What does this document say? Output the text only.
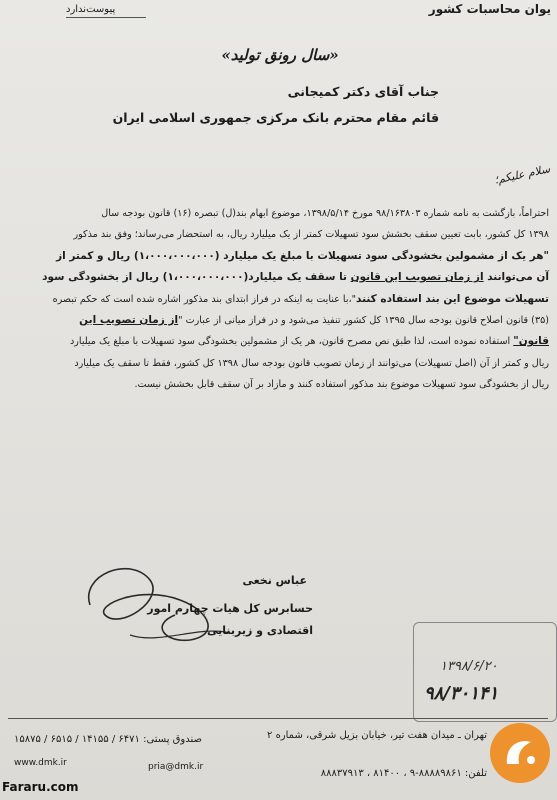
یوان محاسبات کشور
پیوست‌ندارد
«سال رونق تولید»
جناب آقای دکتر کمیجانی
قائم مقام محترم بانک مرکزی جمهوری اسلامی ایران
سلام علیکم؛
احتراماً، بازگشت به نامه شماره ۹۸/۱۶۳۸۰۳ مورخ ۱۳۹۸/۵/۱۴، موضوع ابهام بند(ل) تبصره (۱۶) قانون بودجه سال
۱۳۹۸ کل کشور، بابت تعیین سقف بخشش سود تسهیلات کمتر از یک میلیارد ریال، به استحضار می‌رساند؛ وفق بند مذکور
"هر یک از مشمولین بخشودگی سود تسهیلات با مبلغ یک میلیارد (۱،۰۰۰،۰۰۰،۰۰۰) ریال و کمتر از
آن می‌توانند از زمان تصویب این قانون تا سقف یک میلیارد(۱،۰۰۰،۰۰۰،۰۰۰) ریال از بخشودگی سود
تسهیلات موضوع این بند استفاده کنند"،با عنایت به اینکه در فراز ابتدای بند مذکور اشاره شده است که حکم تبصره
(۳۵) قانون اصلاح قانون بودجه سال ۱۳۹۵ کل کشور تنفیذ می‌شود و در فراز میانی از عبارت "از زمان تصویب این
قانون" استفاده نموده است، لذا طبق نص مصرح قانون، هر یک از مشمولین بخشودگی سود تسهیلات با مبلغ یک میلیارد
ریال و کمتر از آن (اصل تسهیلات) می‌توانند از زمان تصویب قانون بودجه سال ۱۳۹۸ کل کشور، فقط تا سقف یک میلیارد
ریال از بخشودگی سود تسهیلات موضوع بند مذکور استفاده کنند و مازاد بر آن سقف قابل بخشش نیست.
عباس نخعی
حسابرس کل هیات چهارم امور اقتصادی و زیربنایی
۱۳۹۸/۶/۲۰
۹۸/۳۰۱۴۱
صندوق پستی: ۶۴۷۱ / ۱۴۱۵۵ / ۶۵۱۵ / ۱۵۸۷۵
www.dmk.ir	pria@dmk.ir
تهران ـ میدان هفت تیر، خیابان بزیل شرقی، شماره ۲
تلفن: ۸۸۸۸۹۸۶۱-۹ ، ۸۱۴۰۰ ، ۸۸۸۳۷۹۱۳
Fararu.com
